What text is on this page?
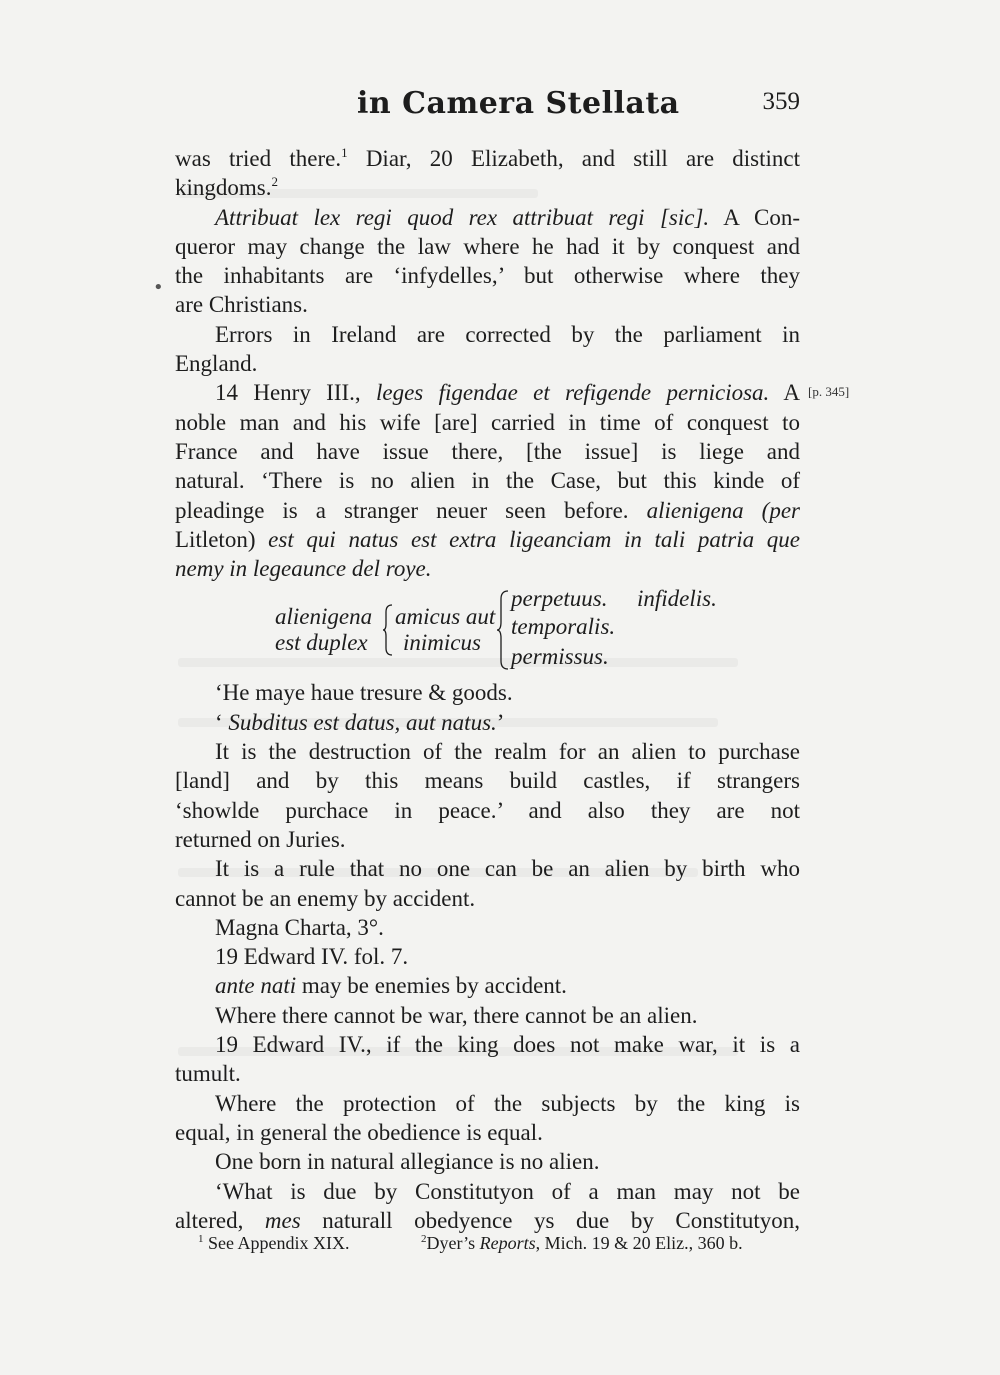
in Camera Stellata	359
•
[p. 345]

was tried there.$^1$ Diar, 20 Elizabeth, and still are distinct
kingdoms.$^2$

Attribuat lex regi quod rex attribuat regi [sic]. A Con-
queror may change the law where he had it by conquest and
the inhabitants are ‘infydelles,’ but otherwise where they
are Christians.

Errors in Ireland are corrected by the parliament in
England.

14 Henry III., leges figendae et refigende perniciosa. A
noble man and his wife [are] carried in time of conquest to
France and have issue there, [the issue] is liege and
natural. ‘There is no alien in the Case, but this kinde of
pleadinge is a stranger neuer seen before. alienigena (per
Litleton) est qui natus est extra ligeanciam in tali patria que
nemy in legeaunce del roye.

alienigena
est duplex
amicus aut
inimicus
perpetuus.
temporalis.
permissus.
infidelis.

‘He maye haue tresure & goods.

‘ Subditus est datus, aut natus.’

It is the destruction of the realm for an alien to purchase
[land] and by this means build castles, if strangers
‘showlde purchace in peace.’ and also they are not
returned on Juries.

It is a rule that no one can be an alien by birth who
cannot be an enemy by accident.

Magna Charta, 3°.

19 Edward IV. fol. 7.

ante nati may be enemies by accident.

Where there cannot be war, there cannot be an alien.

19 Edward IV., if the king does not make war, it is a
tumult.

Where the protection of the subjects by the king is
equal, in general the obedience is equal.

One born in natural allegiance is no alien.

‘What is due by Constitutyon of a man may not be
altered, mes naturall obedyence ys due by Constitutyon,

$^1$ See Appendix XIX.	$^2$Dyer’s Reports, Mich. 19 & 20 Eliz., 360 b.
